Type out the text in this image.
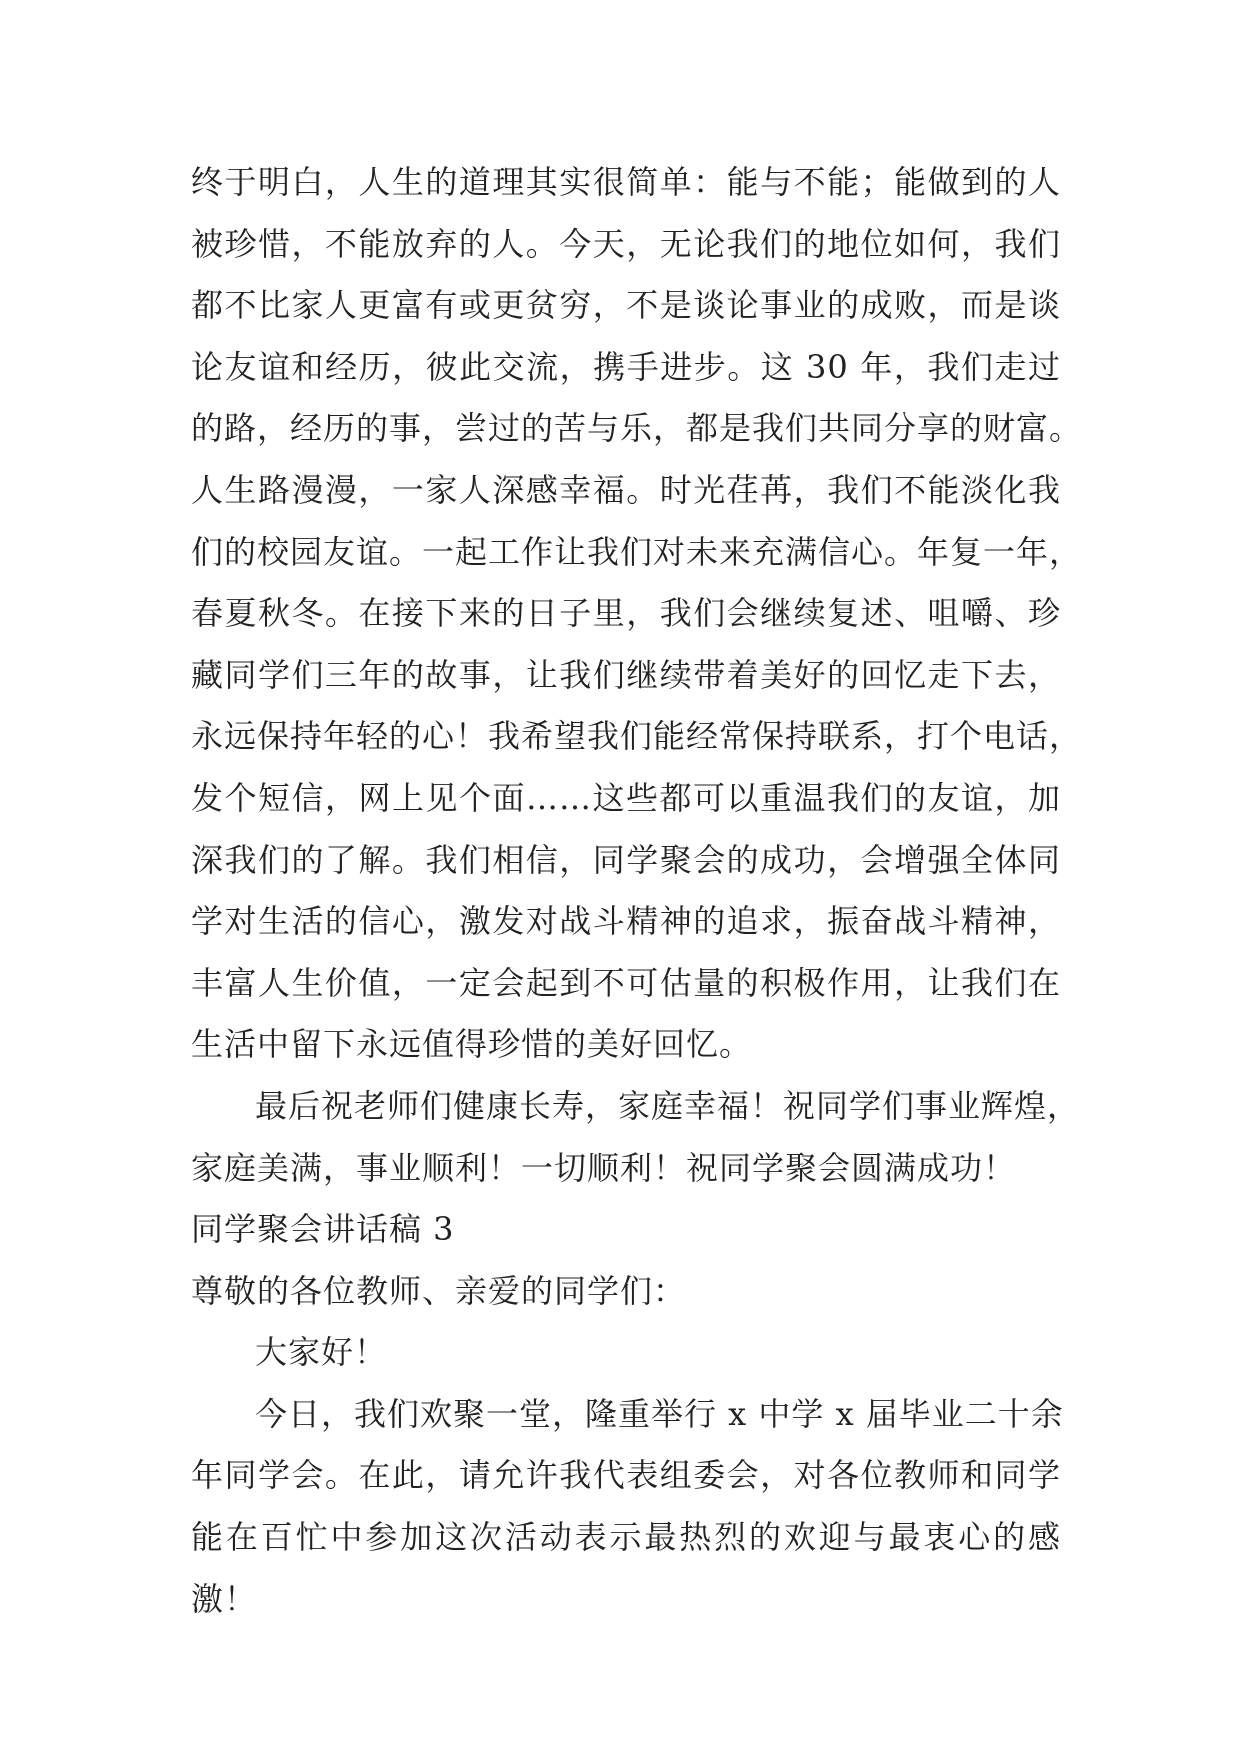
终于明白，人生的道理其实很简单：能与不能；能做到的人
被珍惜，不能放弃的人。今天，无论我们的地位如何，我们
都不比家人更富有或更贫穷，不是谈论事业的成败，而是谈
论友谊和经历，彼此交流，携手进步。这 30 年，我们走过
的路，经历的事，尝过的苦与乐，都是我们共同分享的财富。
人生路漫漫，一家人深感幸福。时光荏苒，我们不能淡化我
们的校园友谊。一起工作让我们对未来充满信心。年复一年，
春夏秋冬。在接下来的日子里，我们会继续复述、咀嚼、珍
藏同学们三年的故事，让我们继续带着美好的回忆走下去，
永远保持年轻的心！我希望我们能经常保持联系，打个电话，
发个短信，网上见个面……这些都可以重温我们的友谊，加
深我们的了解。我们相信，同学聚会的成功，会增强全体同
学对生活的信心，激发对战斗精神的追求，振奋战斗精神，
丰富人生价值，一定会起到不可估量的积极作用，让我们在
生活中留下永远值得珍惜的美好回忆。
最后祝老师们健康长寿，家庭幸福！祝同学们事业辉煌，
家庭美满，事业顺利！一切顺利！祝同学聚会圆满成功！
同学聚会讲话稿 3
尊敬的各位教师、亲爱的同学们：
大家好！
今日，我们欢聚一堂，隆重举行 x 中学 x 届毕业二十余
年同学会。在此，请允许我代表组委会，对各位教师和同学
能在百忙中参加这次活动表示最热烈的欢迎与最衷心的感
激！
